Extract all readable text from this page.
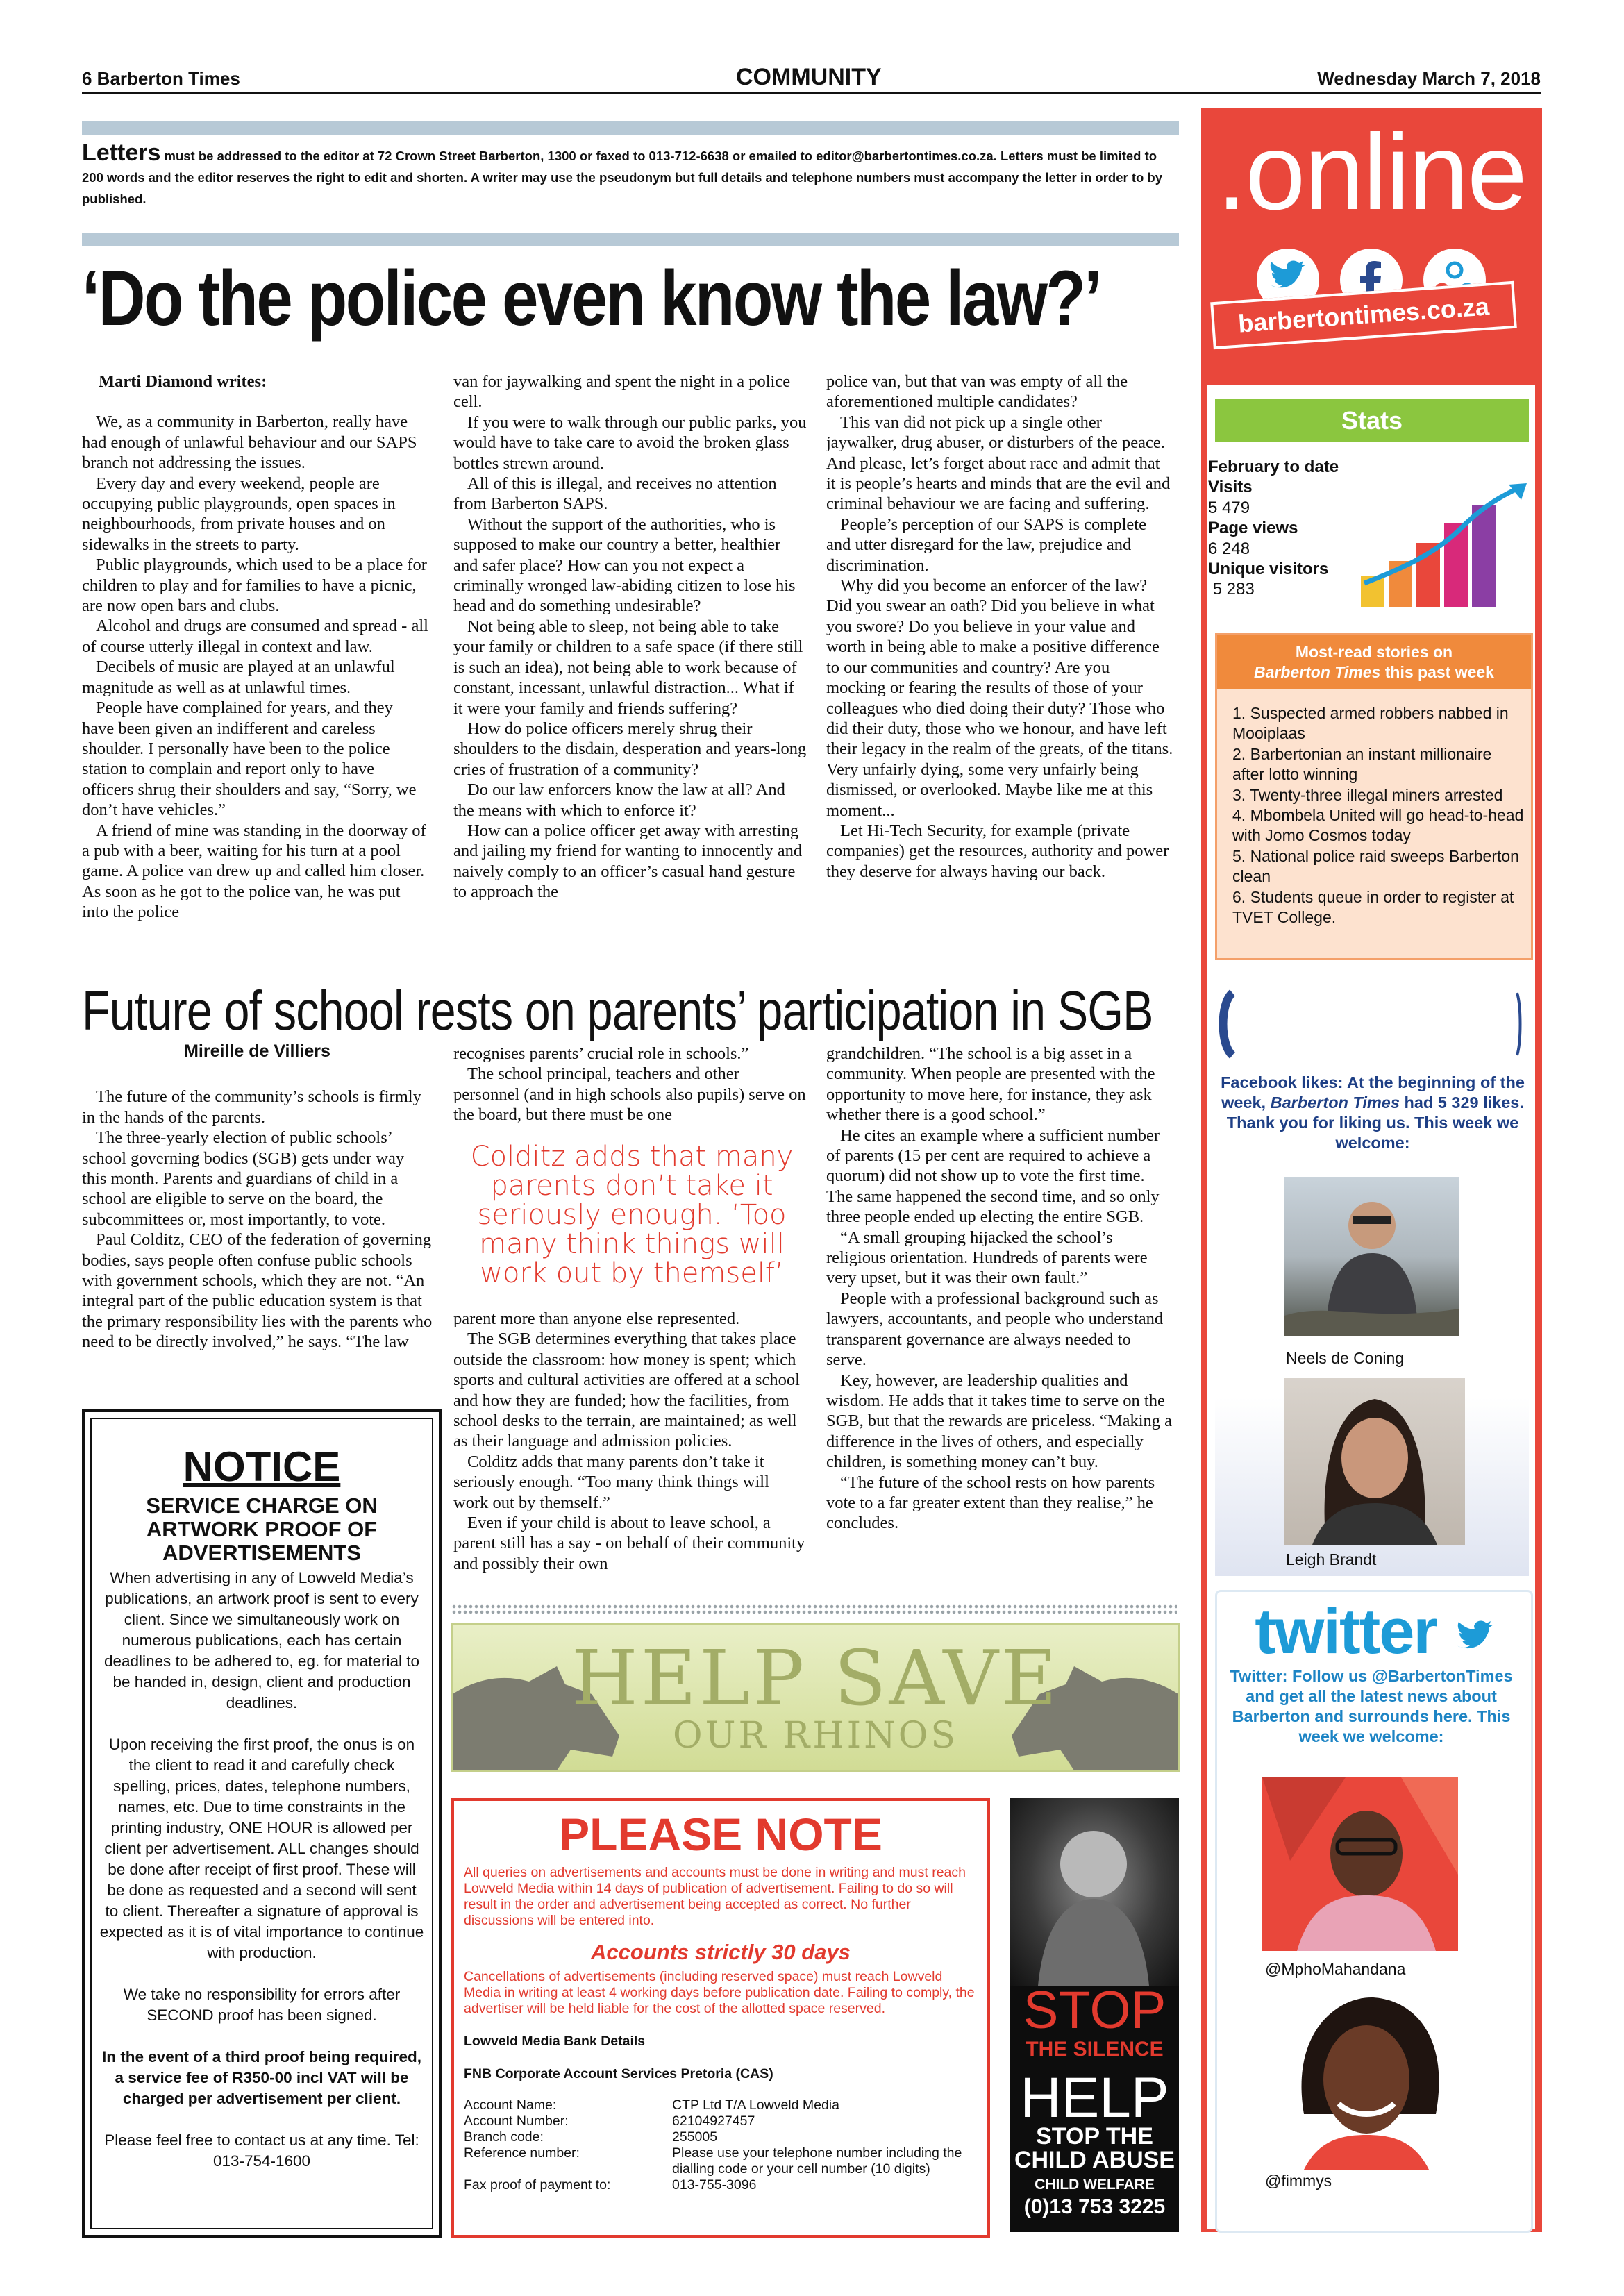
6 Barberton Times	COMMUNITY	Wednesday March 7, 2018
Letters must be addressed to the editor at 72 Crown Street Barberton, 1300 or faxed to 013-712-6638 or emailed to editor@barbertontimes.co.za. Letters must be limited to 200 words and the editor reserves the right to edit and shorten. A writer may use the pseudonym but full details and telephone numbers must accompany the letter in order to by published.
‘Do the police even know the law?’

Marti Diamond writes:

We, as a community in Barberton, really have had enough of unlawful behaviour and our SAPS branch not addressing the issues.

Every day and every weekend, people are occupying public playgrounds, open spaces in neighbourhoods, from private houses and on sidewalks in the streets to party.

Public playgrounds, which used to be a place for children to play and for families to have a picnic, are now open bars and clubs.

Alcohol and drugs are consumed and spread - all of course utterly illegal in context and law.

Decibels of music are played at an unlawful magnitude as well as at unlawful times.

People have complained for years, and they have been given an indifferent and careless shoulder. I personally have been to the police station to complain and report only to have officers shrug their shoulders and say, “Sorry, we don’t have vehicles.”

A friend of mine was standing in the doorway of a pub with a beer, waiting for his turn at a pool game. A police van drew up and called him closer. As soon as he got to the police van, he was put into the police

van for jaywalking and spent the night in a police cell.

If you were to walk through our public parks, you would have to take care to avoid the broken glass bottles strewn around.

All of this is illegal, and receives no attention from Barberton SAPS.

Without the support of the authorities, who is supposed to make our country a better, healthier and safer place? How can you not expect a criminally wronged law-abiding citizen to lose his head and do something undesirable?

Not being able to sleep, not being able to take your family or children to a safe space (if there still is such an idea), not being able to work because of constant, incessant, unlawful distraction... What if it were your family and friends suffering?

How do police officers merely shrug their shoulders to the disdain, desperation and years-long cries of frustration of a community?

Do our law enforcers know the law at all? And the means with which to enforce it?

How can a police officer get away with arresting and jailing my friend for wanting to innocently and naively comply to an officer’s casual hand gesture to approach the

police van, but that van was empty of all the aforementioned multiple candidates?

This van did not pick up a single other jaywalker, drug abuser, or disturbers of the peace. And please, let’s forget about race and admit that it is people’s hearts and minds that are the evil and criminal behaviour we are facing and suffering.

People’s perception of our SAPS is complete and utter disregard for the law, prejudice and discrimination.

Why did you become an enforcer of the law? Did you swear an oath? Did you believe in what you swore? Do you believe in your value and worth in being able to make a positive difference to our communities and country? Are you mocking or fearing the results of those of your colleagues who died doing their duty? Those who did their duty, those who we honour, and have left their legacy in the realm of the greats, of the titans. Very unfairly dying, some very unfairly being dismissed, or overlooked. Maybe like me at this moment...

Let Hi-Tech Security, for example (private companies) get the resources, authority and power they deserve for always having our back.

Future of school rests on parents’ participation in SGB

Mireille de Villiers

The future of the community’s schools is firmly in the hands of the parents.

The three-yearly election of public schools’ school governing bodies (SGB) gets under way this month. Parents and guardians of child in a school are eligible to serve on the board, the subcommittees or, most importantly, to vote.

Paul Colditz, CEO of the federation of governing bodies, says people often confuse public schools with government schools, which they are not. “An integral part of the public education system is that the primary responsibility lies with the parents who need to be directly involved,” he says. “The law

recognises parents’ crucial role in schools.”

The school principal, teachers and other personnel (and in high schools also pupils) serve on the board, but there must be one

Colditz adds that many parents don’t take it seriously enough. ‘Too many think things will work out by themself’

parent more than anyone else represented.

The SGB determines everything that takes place outside the classroom: how money is spent; which sports and cultural activities are offered at a school and how they are funded; how the facilities, from school desks to the terrain, are maintained; as well as their language and admission policies.

Colditz adds that many parents don’t take it seriously enough. “Too many think things will work out by themself.”

Even if your child is about to leave school, a parent still has a say - on behalf of their community and possibly their own

grandchildren. “The school is a big asset in a community. When people are presented with the opportunity to move here, for instance, they ask whether there is a good school.”

He cites an example where a sufficient number of parents (15 per cent are required to achieve a quorum) did not show up to vote the first time. The same happened the second time, and so only three people ended up electing the entire SGB.

“A small grouping hijacked the school’s religious orientation. Hundreds of parents were very upset, but it was their own fault.”

People with a professional background such as lawyers, accountants, and people who understand transparent governance are always needed to serve.

Key, however, are leadership qualities and wisdom. He adds that it takes time to serve on the SGB, but that the rewards are priceless. “Making a difference in the lives of others, and especially children, is something money can’t buy.

“The future of the school rests on how parents vote to a far greater extent than they realise,” he concludes.

NOTICE
SERVICE CHARGE ON ARTWORK PROOF OF ADVERTISEMENTS
When advertising in any of Lowveld Media’s publications, an artwork proof is sent to every client. Since we simultaneously work on numerous publications, each has certain deadlines to be adhered to, eg. for material to be handed in, design, client and production deadlines.
Upon receiving the first proof, the onus is on the client to read it and carefully check spelling, prices, dates, telephone numbers, names, etc. Due to time constraints in the printing industry, ONE HOUR is allowed per client per advertisement. ALL changes should be done after receipt of first proof. These will be done as requested and a second will sent to client. Thereafter a signature of approval is expected as it is of vital importance to continue with production.
We take no responsibility for errors after SECOND proof has been signed.
In the event of a third proof being required, a service fee of R350-00 incl VAT will be charged per advertisement per client.
Please feel free to contact us at any time. Tel: 013-754-1600
HELP SAVE
OUR RHINOS
PLEASE NOTE
All queries on advertisements and accounts must be done in writing and must reach Lowveld Media within 14 days of publication of advertisement. Failing to do so will result in the order and advertisement being accepted as correct. No further discussions will be entered into.
Accounts strictly 30 days
Cancellations of advertisements (including reserved space) must reach Lowveld Media in writing at least 4 working days before publication date. Failing to comply, the advertiser will be held liable for the cost of the allotted space reserved.
Lowveld Media Bank Details
FNB Corporate Account Services Pretoria (CAS)
Account Name:	CTP Ltd T/A Lowveld Media
Account Number:	62104927457
Branch code:	255005
Reference number:	Please use your telephone number including the dialling code or your cell number (10 digits)
Fax proof of payment to:	013-755-3096
STOP
THE SILENCE
HELP
STOP THE CHILD ABUSE
CHILD WELFARE
(0)13 753 3225
.online
barbertontimes.co.za
Stats
February to date
Visits
5 479
Page views
6 248
Unique visitors
5 283
Most-read stories on
Barberton Times this past week
1. Suspected armed robbers nabbed in Mooiplaas
2. Barbertonian an instant millionaire after lotto winning
3. Twenty-three illegal miners arrested
4. Mbombela United will go head-to-head with Jomo Cosmos today
5. National police raid sweeps Barberton clean
6. Students queue in order to register at TVET College.
Facebook likes: At the beginning of the week, Barberton Times had 5 329 likes. Thank you for liking us. This week we welcome:
Neels de Coning
Leigh Brandt
twitter
Twitter: Follow us @BarbertonTimes and get all the latest news about Barberton and surrounds here. This week we welcome:
@MphoMahandana
@fimmys
